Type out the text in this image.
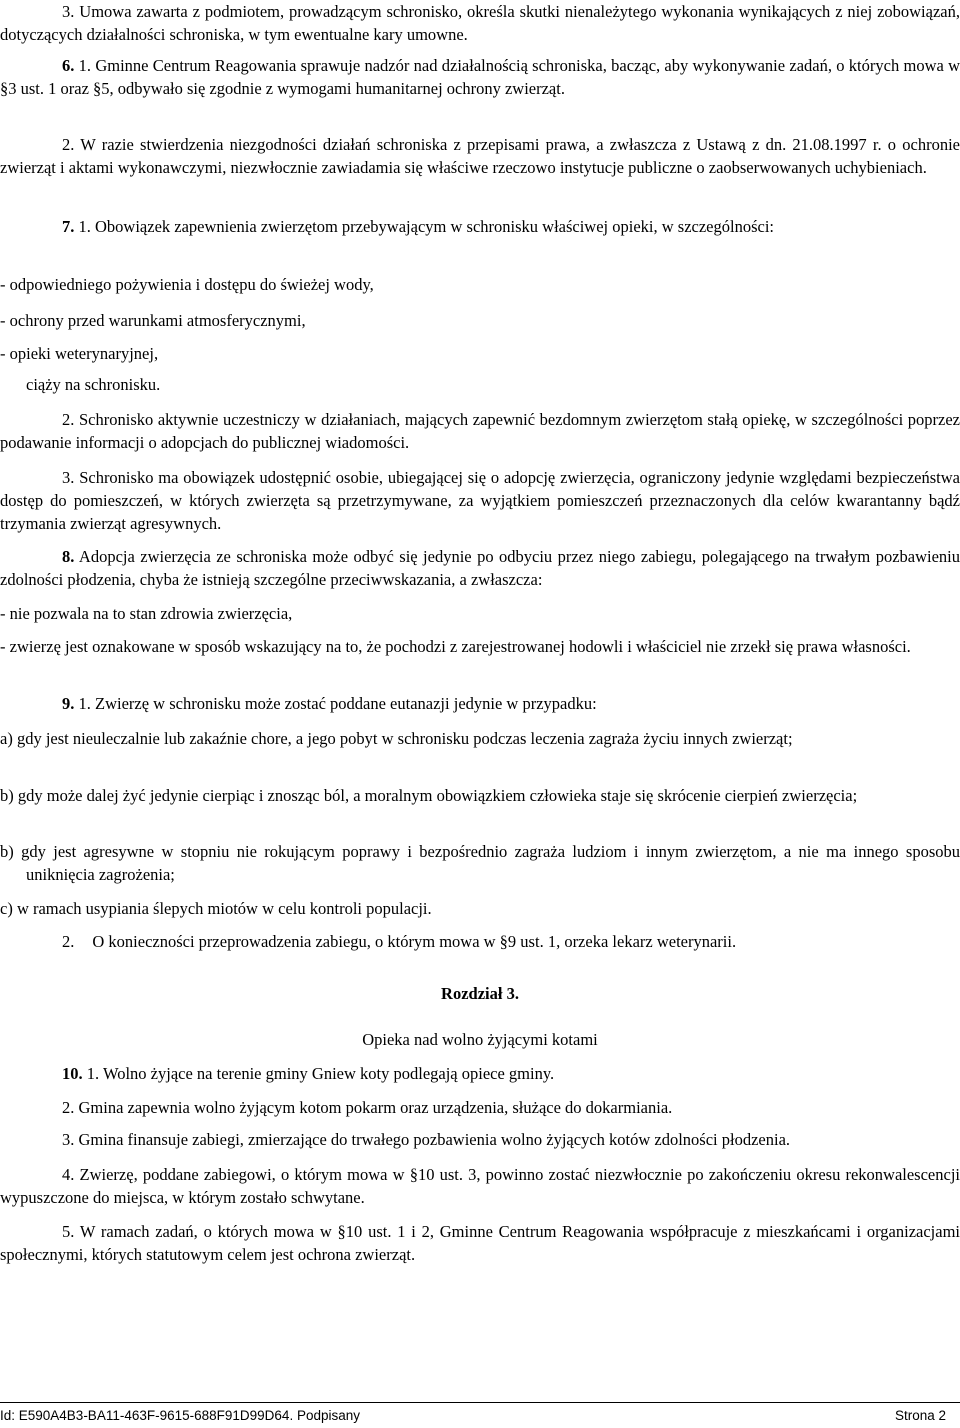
3. Umowa zawarta z podmiotem, prowadzącym schronisko, określa skutki nienależytego wykonania wynikających z niej zobowiązań, dotyczących działalności schroniska, w tym ewentualne kary umowne.

6. 1. Gminne Centrum Reagowania sprawuje nadzór nad działalnością schroniska, bacząc, aby wykonywanie zadań, o których mowa w §3 ust. 1 oraz §5, odbywało się zgodnie z wymogami humanitarnej ochrony zwierząt.

2. W razie stwierdzenia niezgodności działań schroniska z przepisami prawa, a zwłaszcza z Ustawą z dn. 21.08.1997 r. o ochronie zwierząt i aktami wykonawczymi, niezwłocznie zawiadamia się właściwe rzeczowo instytucje publiczne o zaobserwowanych uchybieniach.

7. 1. Obowiązek zapewnienia zwierzętom przebywającym w schronisku właściwej opieki, w szczególności:

- odpowiedniego pożywienia i dostępu do świeżej wody,

- ochrony przed warunkami atmosferycznymi,

- opieki weterynaryjnej,

ciąży na schronisku.

2. Schronisko aktywnie uczestniczy w działaniach, mających zapewnić bezdomnym zwierzętom stałą opiekę, w szczególności poprzez podawanie informacji o adopcjach do publicznej wiadomości.

3. Schronisko ma obowiązek udostępnić osobie, ubiegającej się o adopcję zwierzęcia, ograniczony jedynie względami bezpieczeństwa dostęp do pomieszczeń, w których zwierzęta są przetrzymywane, za wyjątkiem pomieszczeń przeznaczonych dla celów kwarantanny bądź trzymania zwierząt agresywnych.

8. Adopcja zwierzęcia ze schroniska może odbyć się jedynie po odbyciu przez niego zabiegu, polegającego na trwałym pozbawieniu zdolności płodzenia, chyba że istnieją szczególne przeciwwskazania, a zwłaszcza:

- nie pozwala na to stan zdrowia zwierzęcia,

- zwierzę jest oznakowane w sposób wskazujący na to, że pochodzi z zarejestrowanej hodowli i właściciel nie zrzekł się prawa własności.

9. 1. Zwierzę w schronisku może zostać poddane eutanazji jedynie w przypadku:

a) gdy jest nieuleczalnie lub zakaźnie chore, a jego pobyt w schronisku podczas leczenia zagraża życiu innych zwierząt;

b) gdy może dalej żyć jedynie cierpiąc i znosząc ból, a moralnym obowiązkiem człowieka staje się skrócenie cierpień zwierzęcia;

b) gdy jest agresywne w stopniu nie rokującym poprawy i bezpośrednio zagraża ludziom i innym zwierzętom, a nie ma innego sposobu uniknięcia zagrożenia;

c) w ramach usypiania ślepych miotów w celu kontroli populacji.

2. O konieczności przeprowadzenia zabiegu, o którym mowa w §9 ust. 1, orzeka lekarz weterynarii.

Rozdział 3.

Opieka nad wolno żyjącymi kotami

10. 1. Wolno żyjące na terenie gminy Gniew koty podlegają opiece gminy.

2. Gmina zapewnia wolno żyjącym kotom pokarm oraz urządzenia, służące do dokarmiania.

3. Gmina finansuje zabiegi, zmierzające do trwałego pozbawienia wolno żyjących kotów zdolności płodzenia.

4. Zwierzę, poddane zabiegowi, o którym mowa w §10 ust. 3, powinno zostać niezwłocznie po zakończeniu okresu rekonwalescencji wypuszczone do miejsca, w którym zostało schwytane.

5. W ramach zadań, o których mowa w §10 ust. 1 i 2, Gminne Centrum Reagowania współpracuje z mieszkańcami i organizacjami społecznymi, których statutowym celem jest ochrona zwierząt.

Id: E590A4B3-BA11-463F-9615-688F91D99D64. Podpisany	Strona 2
